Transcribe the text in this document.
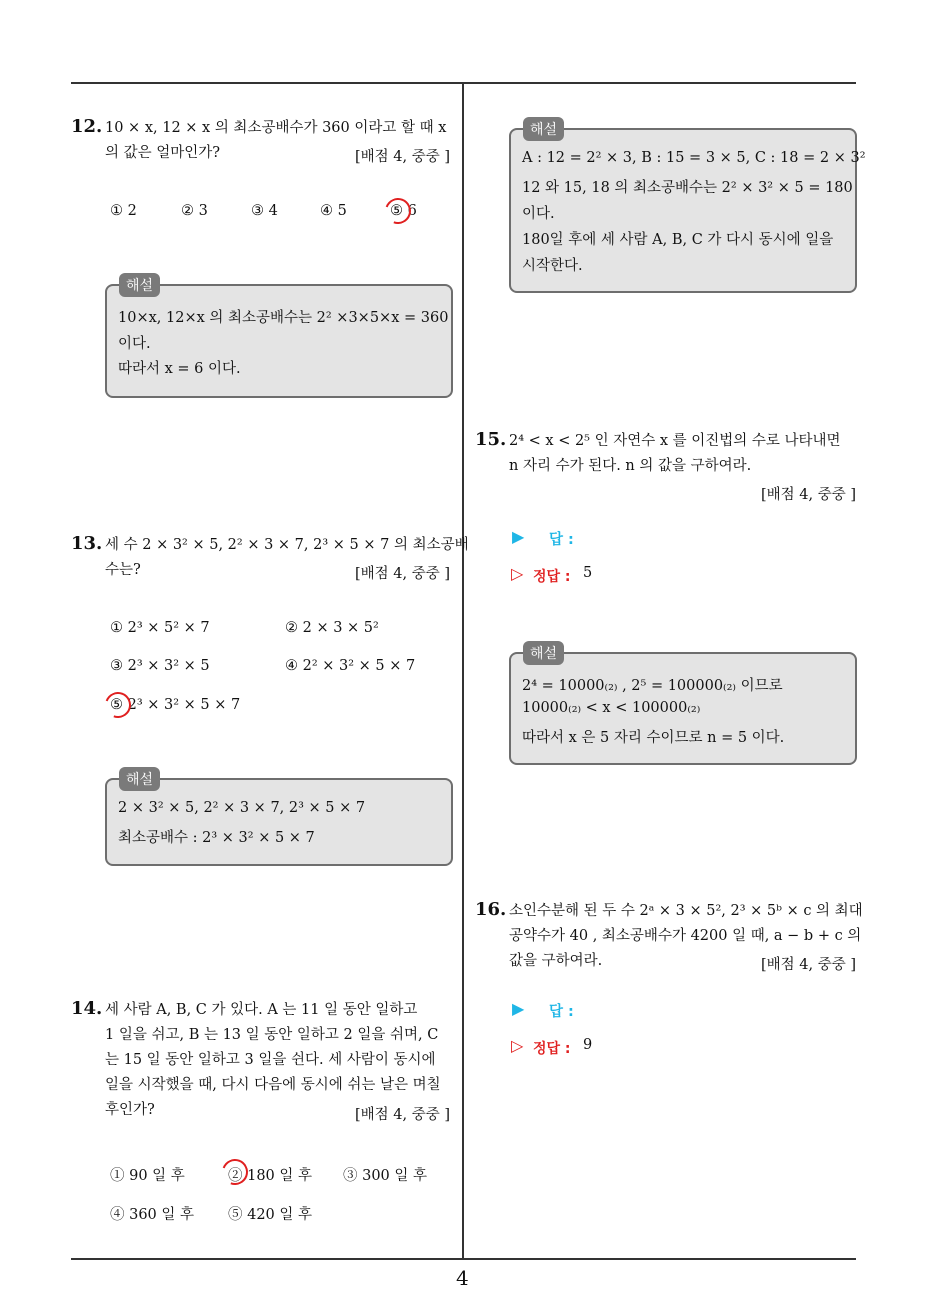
12. 10 × x, 12 × x 의 최소공배수가 360 이라고 할 때 x
의 값은 얼마인가?	[배점 4, 중중 ]
① 2	② 3	③ 4	④ 5	⑤ 6
해설
10×x, 12×x 의 최소공배수는 2² ×3×5×x = 360
이다.
따라서 x = 6 이다.
13. 세 수 2 × 3² × 5, 2² × 3 × 7, 2³ × 5 × 7 의 최소공배
수는?	[배점 4, 중중 ]
① 2³ × 5² × 7	② 2 × 3 × 5²
③ 2³ × 3² × 5	④ 2² × 3² × 5 × 7
⑤ 2³ × 3² × 5 × 7
해설
2 × 3² × 5, 2² × 3 × 7, 2³ × 5 × 7
최소공배수 : 2³ × 3² × 5 × 7
14. 세 사람 A, B, C 가 있다. A 는 11 일 동안 일하고
1 일을 쉬고, B 는 13 일 동안 일하고 2 일을 쉬며, C
는 15 일 동안 일하고 3 일을 쉰다. 세 사람이 동시에
일을 시작했을 때, 다시 다음에 동시에 쉬는 날은 며칠
후인가?	[배점 4, 중중 ]
① 90 일 후	② 180 일 후 ③ 300 일 후
④ 360 일 후 ⑤ 420 일 후
해설
A : 12 = 2² × 3, B : 15 = 3 × 5, C : 18 = 2 × 3²
12 와 15, 18 의 최소공배수는 2² × 3² × 5 = 180
이다.
180일 후에 세 사람 A, B, C 가 다시 동시에 일을
시작한다.
15. 2⁴ < x < 2⁵ 인 자연수 x 를 이진법의 수로 나타내면
n 자리 수가 된다. n 의 값을 구하여라.
[배점 4, 중중 ]
▶ 답 :
▷ 정답 : 5
해설
2⁴ = 10000₍₂₎ , 2⁵ = 100000₍₂₎ 이므로
10000₍₂₎ < x < 100000₍₂₎
따라서 x 은 5 자리 수이므로 n = 5 이다.
16. 소인수분해 된 두 수 2ᵃ × 3 × 5², 2³ × 5ᵇ × c 의 최대
공약수가 40 , 최소공배수가 4200 일 때, a − b + c 의
값을 구하여라.	[배점 4, 중중 ]
▶ 답 :
▷ 정답 : 9
4
